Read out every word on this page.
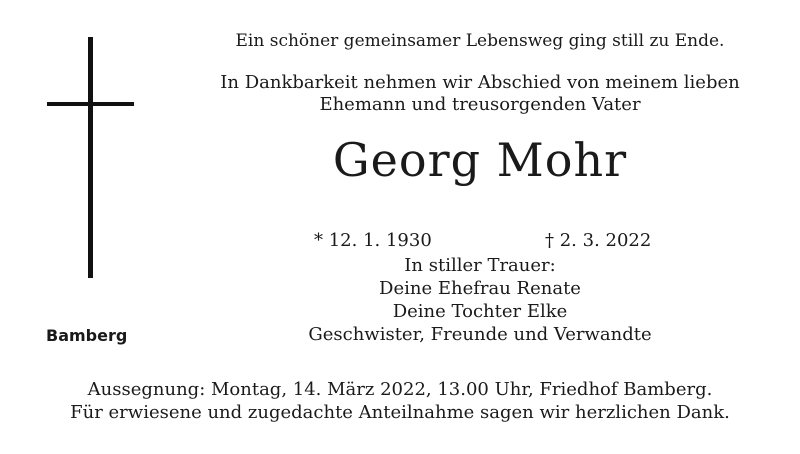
Bamberg
Ein schöner gemeinsamer Lebensweg ging still zu Ende.
In Dankbarkeit nehmen wir Abschied von meinem lieben
Ehemann und treusorgenden Vater
Georg Mohr
* 12. 1. 1930	† 2. 3. 2022
In stiller Trauer:
Deine Ehefrau Renate
Deine Tochter Elke
Geschwister, Freunde und Verwandte
Aussegnung: Montag, 14. März 2022, 13.00 Uhr, Friedhof Bamberg.
Für erwiesene und zugedachte Anteilnahme sagen wir herzlichen Dank.
